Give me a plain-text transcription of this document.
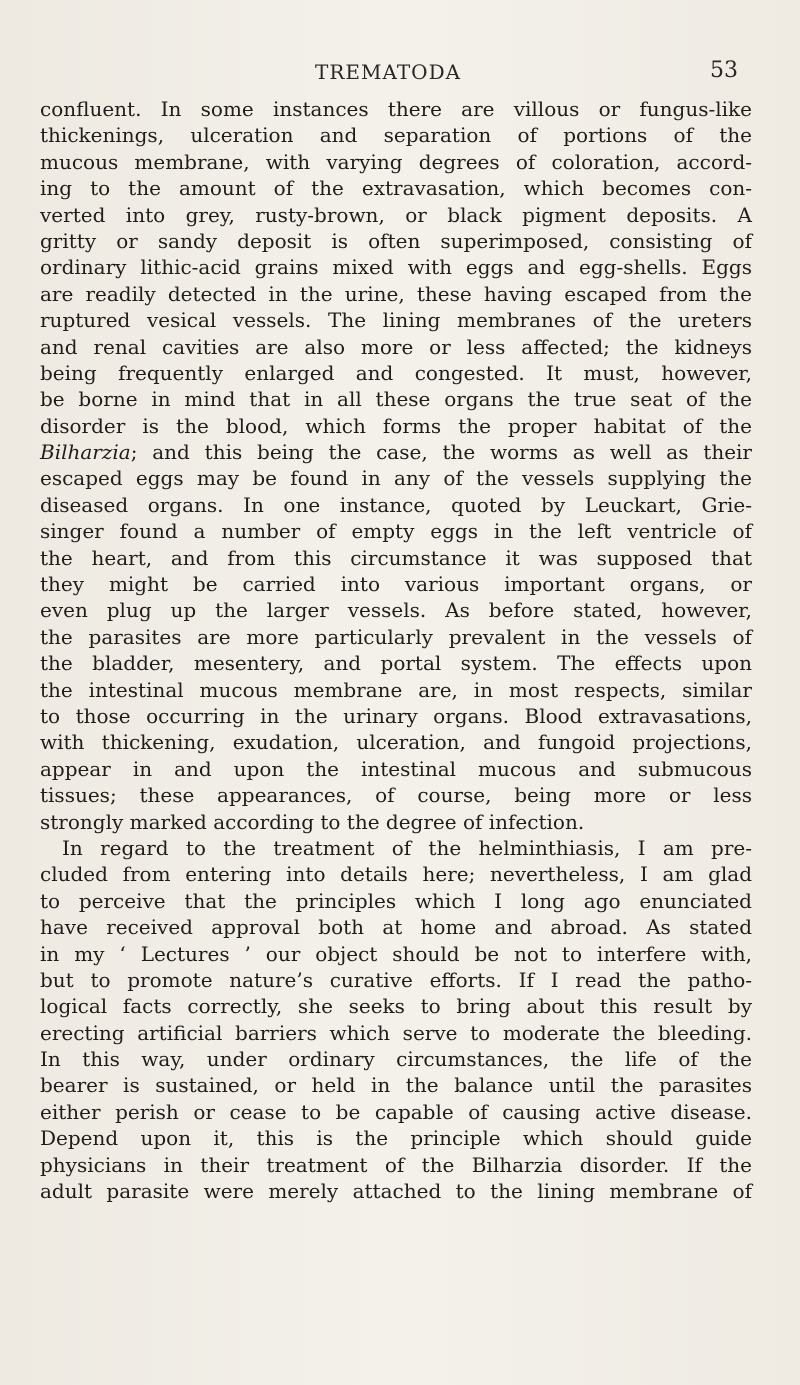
TREMATODA	53
confluent. In some instances there are villous or fungus-like
thickenings, ulceration and separation of portions of the
mucous membrane, with varying degrees of coloration, accord-
ing to the amount of the extravasation, which becomes con-
verted into grey, rusty-brown, or black pigment deposits. A
gritty or sandy deposit is often superimposed, consisting of
ordinary lithic-acid grains mixed with eggs and egg-shells. Eggs
are readily detected in the urine, these having escaped from the
ruptured vesical vessels. The lining membranes of the ureters
and renal cavities are also more or less affected; the kidneys
being frequently enlarged and congested. It must, however,
be borne in mind that in all these organs the true seat of the
disorder is the blood, which forms the proper habitat of the
Bilharzia; and this being the case, the worms as well as their
escaped eggs may be found in any of the vessels supplying the
diseased organs. In one instance, quoted by Leuckart, Grie-
singer found a number of empty eggs in the left ventricle of
the heart, and from this circumstance it was supposed that
they might be carried into various important organs, or
even plug up the larger vessels. As before stated, however,
the parasites are more particularly prevalent in the vessels of
the bladder, mesentery, and portal system. The effects upon
the intestinal mucous membrane are, in most respects, similar
to those occurring in the urinary organs. Blood extravasations,
with thickening, exudation, ulceration, and fungoid projections,
appear in and upon the intestinal mucous and submucous
tissues; these appearances, of course, being more or less
strongly marked according to the degree of infection.
In regard to the treatment of the helminthiasis, I am pre-
cluded from entering into details here; nevertheless, I am glad
to perceive that the principles which I long ago enunciated
have received approval both at home and abroad. As stated
in my ‘ Lectures ’ our object should be not to interfere with,
but to promote nature’s curative efforts. If I read the patho-
logical facts correctly, she seeks to bring about this result by
erecting artificial barriers which serve to moderate the bleeding.
In this way, under ordinary circumstances, the life of the
bearer is sustained, or held in the balance until the parasites
either perish or cease to be capable of causing active disease.
Depend upon it, this is the principle which should guide
physicians in their treatment of the Bilharzia disorder. If the
adult parasite were merely attached to the lining membrane of
